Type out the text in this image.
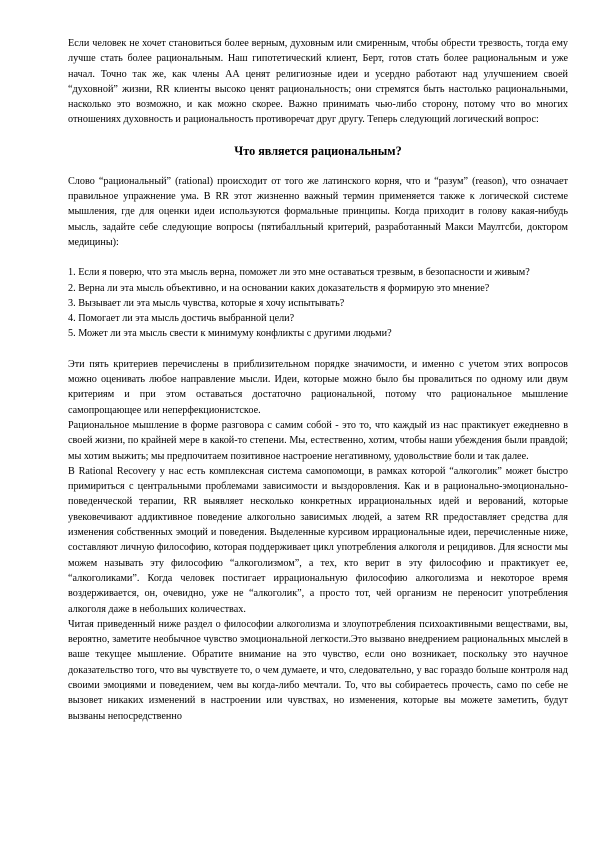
Если человек не хочет становиться более верным, духовным или смиренным, чтобы обрести трезвость, тогда ему лучше стать более рациональным. Наш гипотетический клиент, Берт, готов стать более рациональным и уже начал. Точно так же, как члены АА ценят религиозные идеи и усердно работают над улучшением своей “духовной” жизни, RR клиенты высоко ценят рациональность; они стремятся быть настолько рациональными, насколько это возможно, и как можно скорее. Важно принимать чью-либо сторону, потому что во многих отношениях духовность и рациональность противоречат друг другу. Теперь следующий логический вопрос:

Что является рациональным?

Слово “рациональный” (rational) происходит от того же латинского корня, что и “разум” (reason), что означает правильное упражнение ума. В RR этот жизненно важный термин применяется также к логической системе мышления, где для оценки идеи используются формальные принципы. Когда приходит в голову какая-нибудь мысль, задайте себе следующие вопросы (пятибалльный критерий, разработанный Макси Маултсби, доктором медицины):

1. Если я поверю, что эта мысль верна, поможет ли это мне оставаться трезвым, в безопасности и живым?

2. Верна ли эта мысль объективно, и на основании каких доказательств я формирую это мнение?

3. Вызывает ли эта мысль чувства, которые я хочу испытывать?

4. Помогает ли эта мысль достичь выбранной цели?

5. Может ли эта мысль свести к минимуму конфликты с другими людьми?

Эти пять критериев перечислены в приблизительном порядке значимости, и именно с учетом этих вопросов можно оценивать любое направление мысли. Идеи, которые можно было бы провалиться по одному или двум критериям и при этом оставаться достаточно рациональной, потому что рациональное мышление самопрощающее или неперфекционистское.

Рациональное мышление в форме разговора с самим собой - это то, что каждый из нас практикует ежедневно в своей жизни, по крайней мере в какой-то степени. Мы, естественно, хотим, чтобы наши убеждения были правдой; мы хотим выжить; мы предпочитаем позитивное настроение негативному, удовольствие боли и так далее.

В Rational Recovery у нас есть комплексная система самопомощи, в рамках которой “алкоголик” может быстро примириться с центральными проблемами зависимости и выздоровления. Как и в рационально-эмоционально-поведенческой терапии, RR выявляет несколько конкретных иррациональных идей и верований, которые увековечивают аддиктивное поведение алкогольно зависимых людей, а затем RR предоставляет средства для изменения собственных эмоций и поведения. Выделенные курсивом иррациональные идеи, перечисленные ниже, составляют личную философию, которая поддерживает цикл употребления алкоголя и рецидивов. Для ясности мы можем называть эту философию “алкоголизмом”, а тех, кто верит в эту философию и практикует ее, “алкоголиками”. Когда человек постигает иррациональную философию алкоголизма и некоторое время воздерживается, он, очевидно, уже не “алкоголик”, а просто тот, чей организм не переносит употребления алкоголя даже в небольших количествах.

Читая приведенный ниже раздел о философии алкоголизма и злоупотребления психоактивными веществами, вы, вероятно, заметите необычное чувство эмоциональной легкости.Это вызвано внедрением рациональных мыслей в ваше текущее мышление. Обратите внимание на это чувство, если оно возникает, поскольку это научное доказательство того, что вы чувствуете то, о чем думаете, и что, следовательно, у вас гораздо больше контроля над своими эмоциями и поведением, чем вы когда-либо мечтали. То, что вы собираетесь прочесть, само по себе не вызовет никаких изменений в настроении или чувствах, но изменения, которые вы можете заметить, будут вызваны непосредственно
